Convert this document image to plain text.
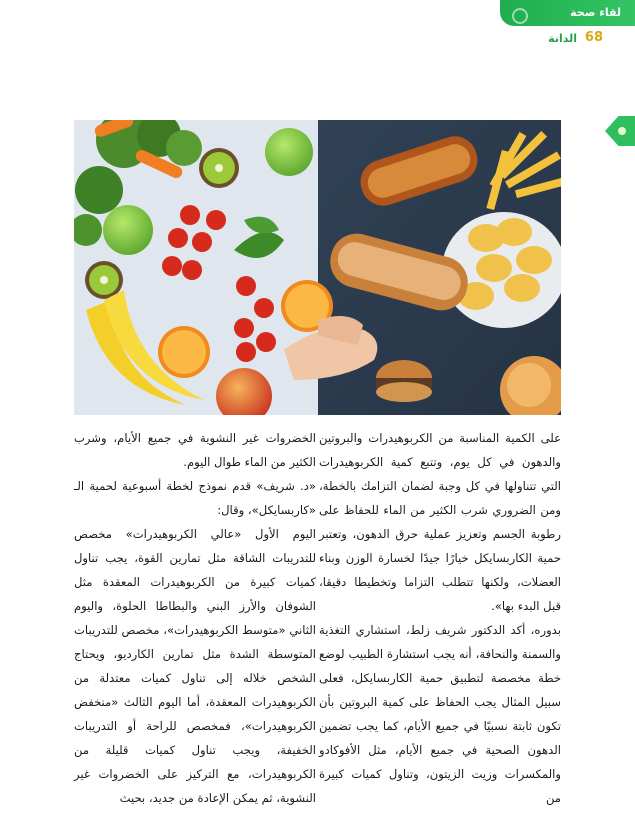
لقاء صحة
الدانة 68

على الكمية المناسبة من الكربوهيدرات والبروتين والدهون في كل يوم، وتتبع كمية الكربوهيدرات التي تتناولها في كل وجبة لضمان التزامك بالخطة، ومن الضروري شرب الكثير من الماء للحفاظ على رطوبة الجسم وتعزيز عملية حرق الدهون، وتعتبر حمية الكاربسايكل خيارًا جيدًا لخسارة الوزن وبناء العضلات، ولكنها تتطلب التزاما وتخطيطا دقيقا، قبل البدء بها».

بدوره، أكد الدكتور شريف زلط، استشاري التغذية والسمنة والنحافة، أنه يجب استشارة الطبيب لوضع خطة مخصصة لتطبيق حمية الكاربسايكل، فعلى سبيل المثال يجب الحفاظ على كمية البروتين بأن تكون ثابتة نسبيًا في جميع الأيام، كما يجب تضمين الدهون الصحية في جميع الأيام، مثل الأفوكادو والمكسرات وزيت الزيتون، وتناول كميات كبيرة من

الخضروات غير النشوية في جميع الأيام، وشرب الكثير من الماء طوال اليوم.

«د. شريف» قدم نموذج لخطة أسبوعية لحمية الـ «كاربسايكل»، وقال:

اليوم الأول «عالي الكربوهيدرات» مخصص للتدريبات الشاقة مثل تمارين القوة، يجب تناول كميات كبيرة من الكربوهيدرات المعقدة مثل الشوفان والأرز البني والبطاطا الحلوة، واليوم الثاني «متوسط الكربوهيدرات»، مخصص للتدريبات المتوسطة الشدة مثل تمارين الكارديو، ويحتاج الشخص خلاله إلى تناول كميات معتدلة من الكربوهيدرات المعقدة، أما اليوم الثالث «منخفض الكربوهيدرات»، فمخصص للراحة أو التدريبات الخفيفة، ويجب تناول كميات قليلة من الكربوهيدرات، مع التركيز على الخضروات غير النشوية، ثم يمكن الإعادة من جديد، بحيث
